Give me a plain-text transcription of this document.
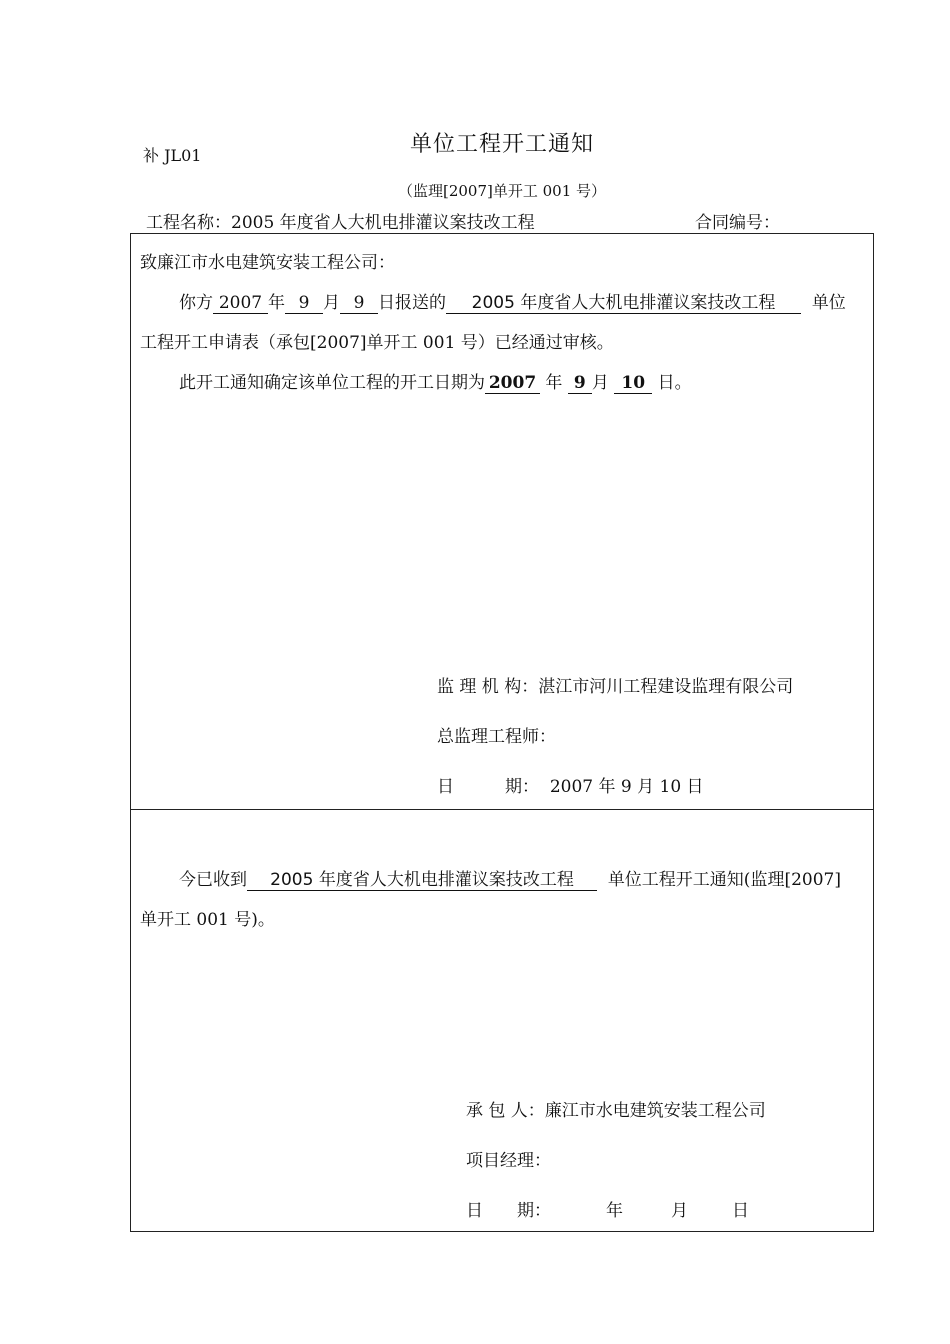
补 JL01	单位工程开工通知
（监理[2007]单开工 001 号）
工程名称：2005 年度省人大机电排灌议案技改工程	合同编号：
致廉江市水电建筑安装工程公司：
你方 2007 年 9 月 9 日报送的 2005 年度省人大机电排灌议案技改工程 单位
工程开工申请表（承包[2007]单开工 001 号）已经通过审核。
此开工通知确定该单位工程的开工日期为 2007 年 9 月 10 日。
监 理 机 构：湛江市河川工程建设监理有限公司
总监理工程师：
日　　　期： 2007 年 9 月 10 日
今已收到 2005 年度省人大机电排灌议案技改工程 单位工程开工通知(监理[2007]
单开工 001 号)。
承 包 人：廉江市水电建筑安装工程公司
项目经理：
日　　期：	年	月	日
